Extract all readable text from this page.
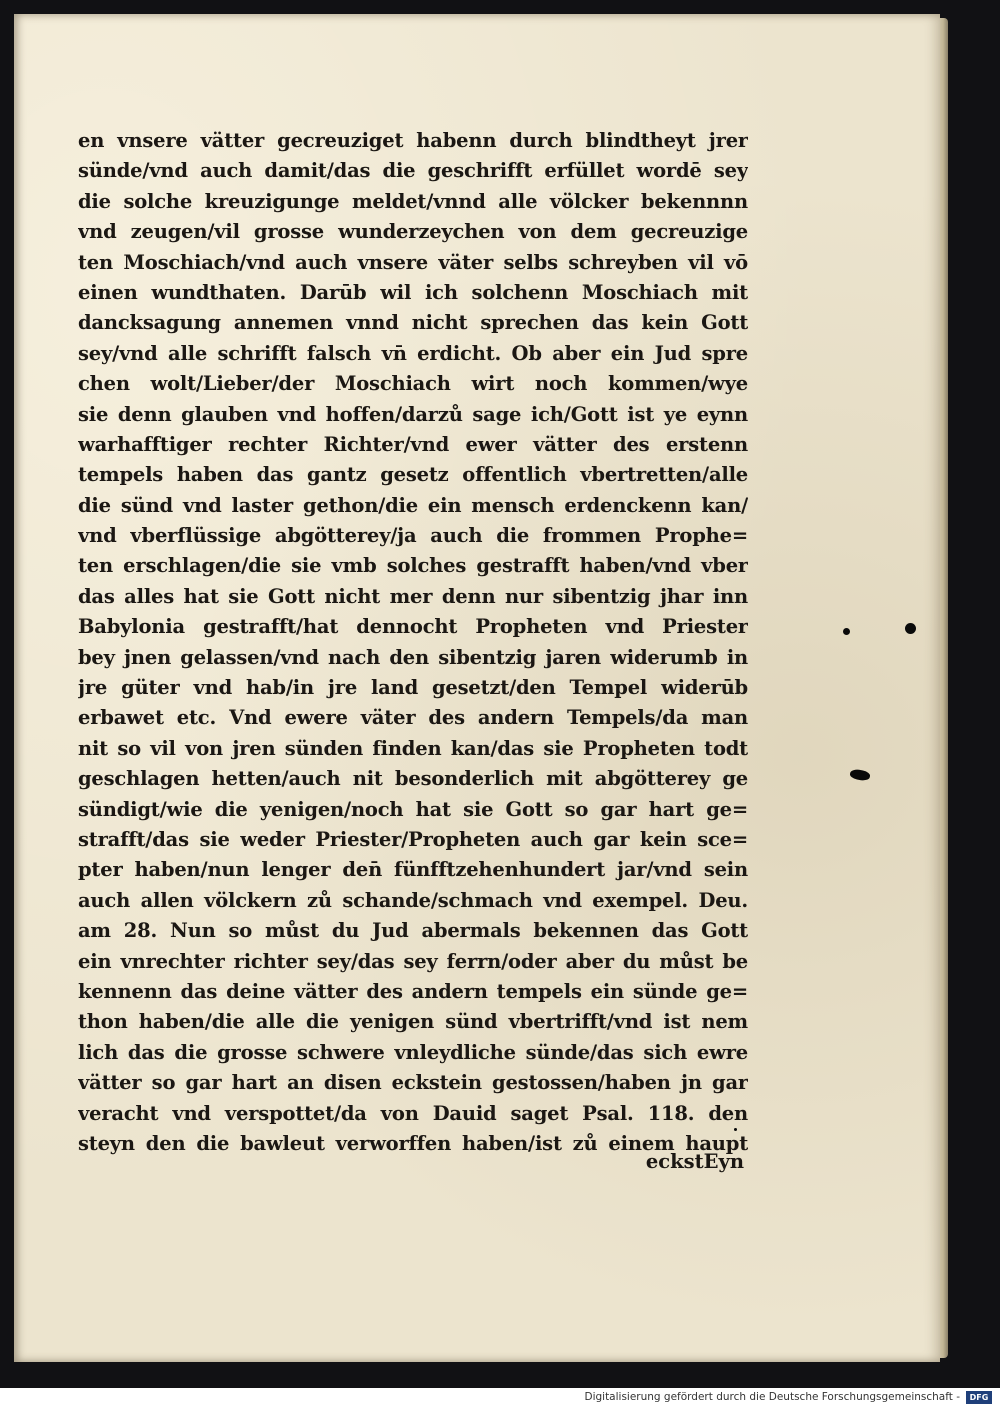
en vnsere vätter gecreuziget habenn durch blindtheyt jrer
sünde/vnd auch damit/das die geschrifft erfüllet wordē sey
die solche kreuzigunge meldet/vnnd alle völcker bekennnn
vnd zeugen/vil grosse wunderzeychen von dem gecreuzige
ten Moschiach/vnd auch vnsere väter selbs schreyben vil vō
einen wundthaten. Darūb wil ich solchenn Moschiach mit
dancksagung annemen vnnd nicht sprechen das kein Gott
sey/vnd alle schrifft falsch vn̄ erdicht. Ob aber ein Jud spre
chen wolt/Lieber/der Moschiach wirt noch kommen/wye
sie denn glauben vnd hoffen/darzů sage ich/Gott ist ye eynn
warhafftiger rechter Richter/vnd ewer vätter des erstenn
tempels haben das gantz gesetz offentlich vbertretten/alle
die sünd vnd laster gethon/die ein mensch erdenckenn kan/
vnd vberflüssige abgötterey/ja auch die frommen Prophe=
ten erschlagen/die sie vmb solches gestrafft haben/vnd vber
das alles hat sie Gott nicht mer denn nur sibentzig jhar inn
Babylonia gestrafft/hat dennocht Propheten vnd Priester
bey jnen gelassen/vnd nach den sibentzig jaren widerumb in
jre güter vnd hab/in jre land gesetzt/den Tempel widerūb
erbawet etc. Vnd ewere väter des andern Tempels/da man
nit so vil von jren sünden finden kan/das sie Propheten todt
geschlagen hetten/auch nit besonderlich mit abgötterey ge
sündigt/wie die yenigen/noch hat sie Gott so gar hart ge=
strafft/das sie weder Priester/Propheten auch gar kein sce=
pter haben/nun lenger den̄ fünfftzehenhundert jar/vnd sein
auch allen völckern zů schande/schmach vnd exempel. Deu.
am 28. Nun so můst du Jud abermals bekennen das Gott
ein vnrechter richter sey/das sey ferrn/oder aber du můst be
kennenn das deine vätter des andern tempels ein sünde ge=
thon haben/die alle die yenigen sünd vbertrifft/vnd ist nem
lich das die grosse schwere vnleydliche sünde/das sich ewre
vätter so gar hart an disen eckstein gestossen/haben jn gar
veracht vnd verspottet/da von Dauid saget Psal. 118. den
steyn den die bawleut verworffen haben/ist zů einem haupt
eckstEyn
Digitalisierung gefördert durch die Deutsche Forschungsgemeinschaft -	DFG
